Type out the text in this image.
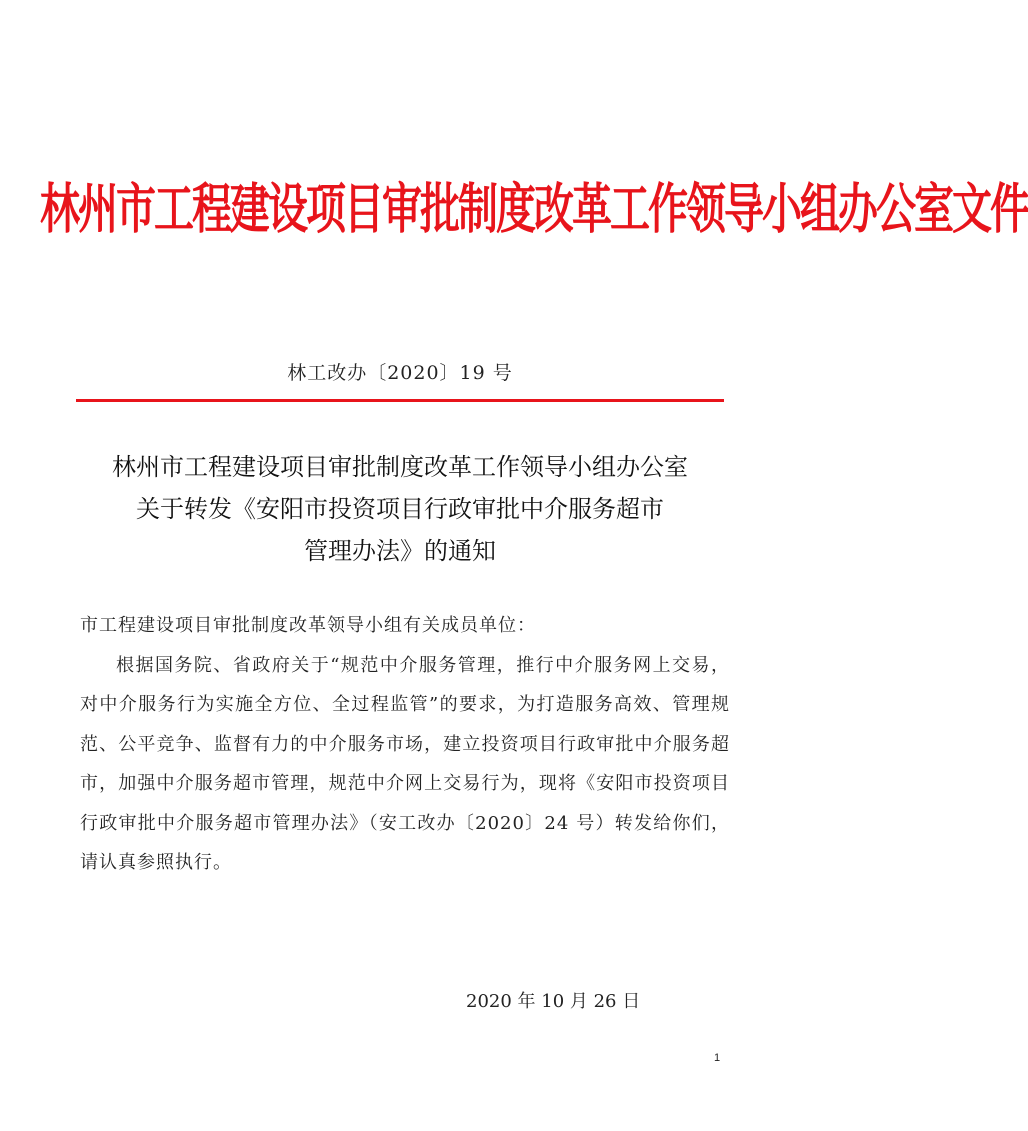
林州市工程建设项目审批制度改革工作领导小组办公室文件
林工改办〔2020〕19 号
林州市工程建设项目审批制度改革工作领导小组办公室
关于转发《安阳市投资项目行政审批中介服务超市
管理办法》的通知
市工程建设项目审批制度改革领导小组有关成员单位：

根据国务院、省政府关于“规范中介服务管理，推行中介服务网上交易，对中介服务行为实施全方位、全过程监管”的要求，为打造服务高效、管理规范、公平竞争、监督有力的中介服务市场，建立投资项目行政审批中介服务超市，加强中介服务超市管理，规范中介网上交易行为，现将《安阳市投资项目行政审批中介服务超市管理办法》（安工改办〔2020〕24 号）转发给你们，请认真参照执行。

2020 年 10 月 26 日
1
